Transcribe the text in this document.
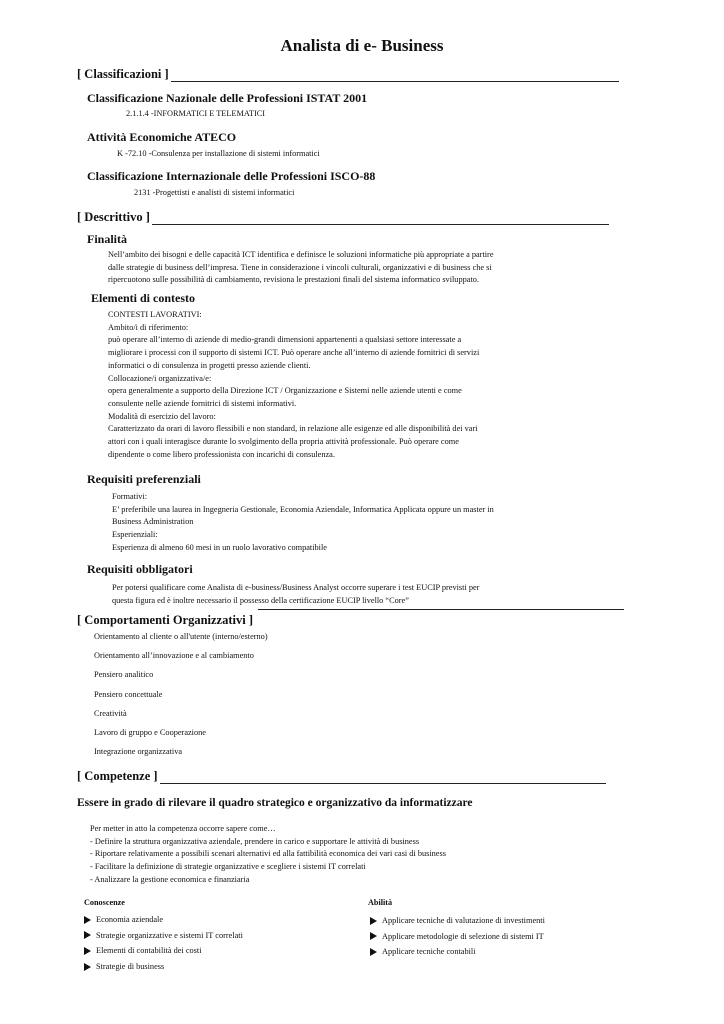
Analista di e- Business
[ Classificazioni ]
Classificazione Nazionale delle Professioni ISTAT 2001
2.1.1.4 -INFORMATICI E TELEMATICI
Attività Economiche ATECO
K -72.10 -Consulenza per installazione di sistemi informatici
Classificazione Internazionale delle Professioni ISCO-88
2131 -Progettisti e analisti di sistemi informatici
[ Descrittivo ]
Finalità
Nell’ambito dei bisogni e delle capacità ICT identifica e definisce le soluzioni informatiche più appropriate a partire
dalle strategie di business dell’impresa. Tiene in considerazione i vincoli culturali, organizzativi e di business che si
ripercuotono sulle possibilità di cambiamento, revisiona le prestazioni finali del sistema informatico sviluppato.
Elementi di contesto
CONTESTI LAVORATIVI:
Ambito/i di riferimento:
può operare all’interno di aziende di medio-grandi dimensioni appartenenti a qualsiasi settore interessate a
migliorare i processi con il supporto di sistemi ICT. Può operare anche all’interno di aziende fornitrici di servizi
informatici o di consulenza in progetti presso aziende clienti.
Collocazione/i organizzativa/e:
opera generalmente a supporto della Direzione ICT / Organizzazione e Sistemi nelle aziende utenti e come
consulente nelle aziende fornitrici di sistemi informativi.
Modalità di esercizio del lavoro:
Caratterizzato da orari di lavoro flessibili e non standard, in relazione alle esigenze ed alle disponibilità dei vari
attori con i quali interagisce durante lo svolgimento della propria attività professionale. Può operare come
dipendente o come libero professionista con incarichi di consulenza.
Requisiti preferenziali
Formativi:
E’ preferibile una laurea in Ingegneria Gestionale, Economia Aziendale, Informatica Applicata oppure un master in
Business Administration
Esperienziali:
Esperienza di almeno 60 mesi in un ruolo lavorativo compatibile
Requisiti obbligatori
Per potersi qualificare come Analista di e-business/Business Analyst occorre superare i test EUCIP previsti per
questa figura ed è inoltre necessario il possesso della certificazione EUCIP livello “Core”
[ Comportamenti Organizzativi ]
Orientamento al cliente o all'utente (interno/esterno)
Orientamento all’innovazione e al cambiamento
Pensiero analitico
Pensiero concettuale
Creatività
Lavoro di gruppo e Cooperazione
Integrazione organizzativa
[ Competenze ]
Essere in grado di rilevare il quadro strategico e organizzativo da informatizzare
Per metter in atto la competenza occorre sapere come…
- Definire la struttura organizzativa aziendale, prendere in carico e supportare le attività di business
- Riportare relativamente a possibili scenari alternativi ed alla fattibilità economica dei vari casi di business
- Facilitare la definizione di strategie organizzative e scegliere i sistemi IT correlati
- Analizzare la gestione economica e finanziaria
Conoscenze
Economia aziendale
Strategie organizzative e sistemi IT correlati
Elementi di contabilità dei costi
Strategie di business
Abilità
Applicare tecniche di valutazione di investimenti
Applicare metodologie di selezione di sistemi IT
Applicare tecniche contabili
